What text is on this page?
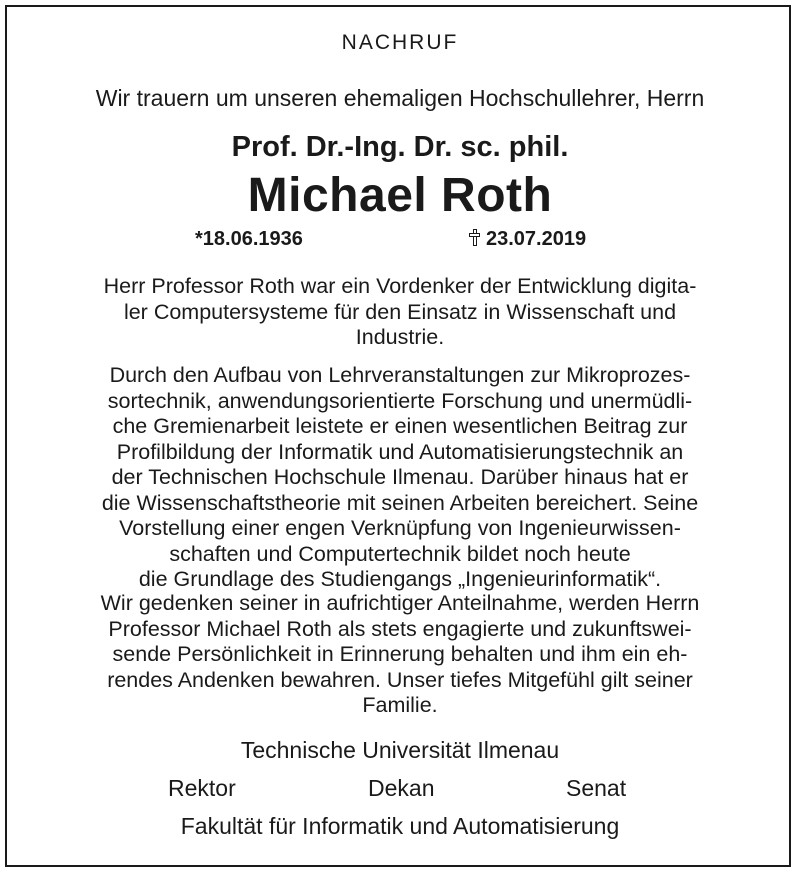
NACHRUF
Wir trauern um unseren ehemaligen Hochschullehrer, Herrn
Prof. Dr.-Ing. Dr. sc. phil.
Michael Roth
*18.06.1936	23.07.2019
Herr Professor Roth war ein Vordenker der Entwicklung digita-
ler Computersysteme für den Einsatz in Wissenschaft und
Industrie.
Durch den Aufbau von Lehrveranstaltungen zur Mikroprozes-
sortechnik, anwendungsorientierte Forschung und unermüdli-
che Gremienarbeit leistete er einen wesentlichen Beitrag zur
Profilbildung der Informatik und Automatisierungstechnik an
der Technischen Hochschule Ilmenau. Darüber hinaus hat er
die Wissenschaftstheorie mit seinen Arbeiten bereichert. Seine
Vorstellung einer engen Verknüpfung von Ingenieurwissen-
schaften und Computertechnik bildet noch heute
die Grundlage des Studiengangs „Ingenieurinformatik“.
Wir gedenken seiner in aufrichtiger Anteilnahme, werden Herrn
Professor Michael Roth als stets engagierte und zukunftswei-
sende Persönlichkeit in Erinnerung behalten und ihm ein eh-
rendes Andenken bewahren. Unser tiefes Mitgefühl gilt seiner
Familie.
Technische Universität Ilmenau
Rektor	Dekan	Senat
Fakultät für Informatik und Automatisierung
